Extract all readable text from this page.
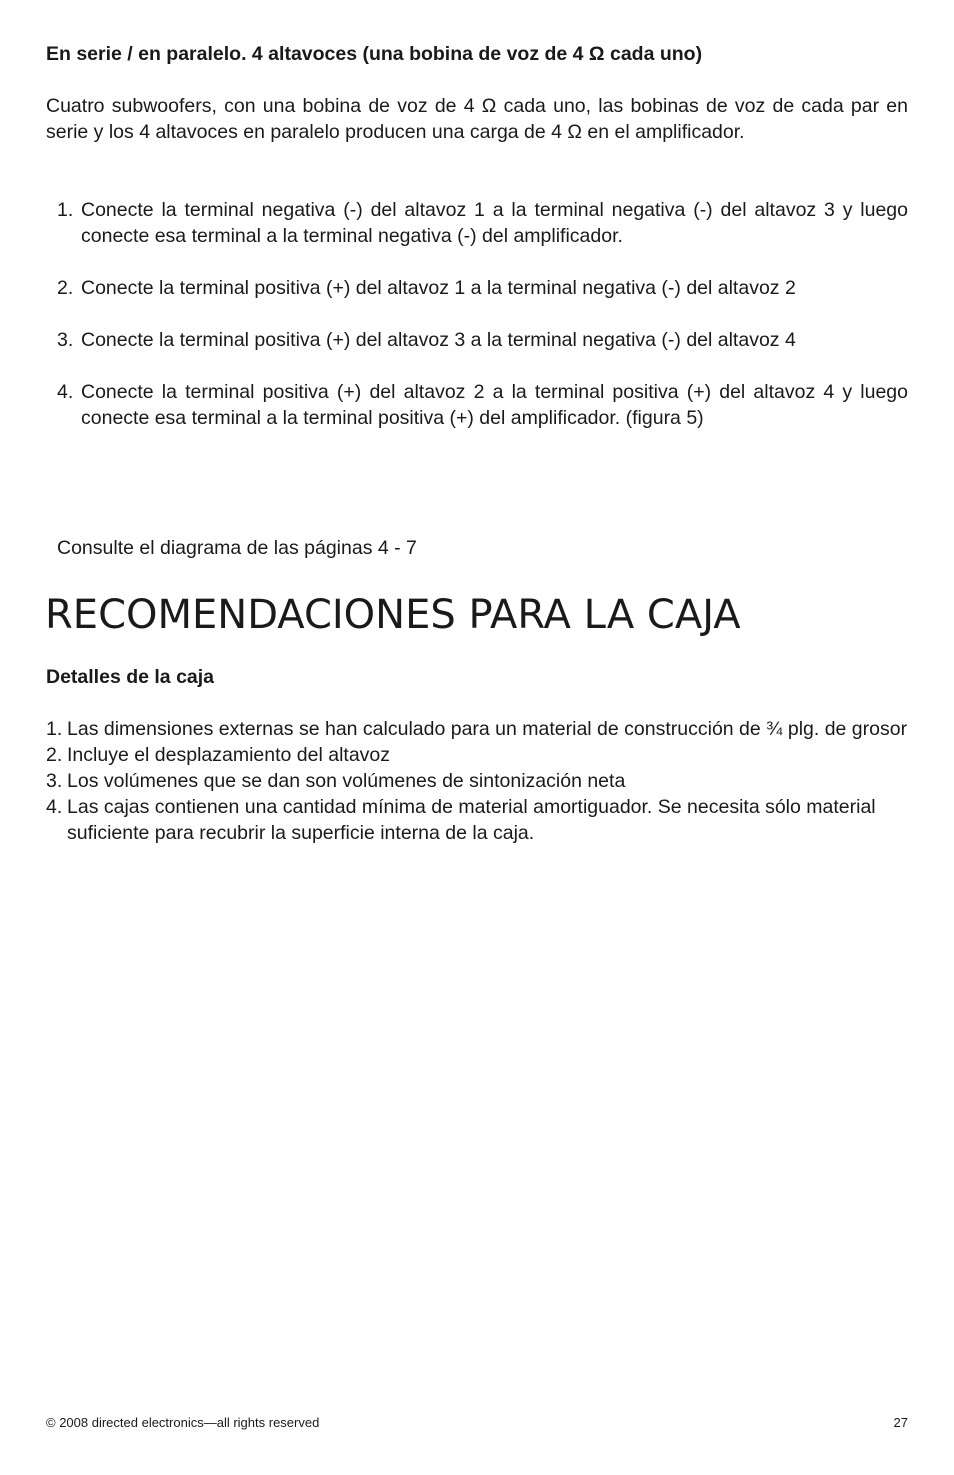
En serie / en paralelo. 4 altavoces (una bobina de voz de 4 Ω cada uno)
Cuatro subwoofers, con una bobina de voz de 4 Ω cada uno, las bobinas de voz de cada par en serie y los 4 altavoces en paralelo producen una carga de 4 Ω en el amplificador.
1. Conecte la terminal negativa (-) del altavoz 1 a la terminal negativa (-) del altavoz 3 y luego conecte esa terminal a la terminal negativa (-) del amplificador.
2. Conecte la terminal positiva (+) del altavoz 1 a la terminal negativa (-) del altavoz 2
3. Conecte la terminal positiva (+) del altavoz 3 a la terminal negativa (-) del altavoz 4
4. Conecte la terminal positiva (+) del altavoz 2 a la terminal positiva (+) del altavoz 4 y luego conecte esa terminal a la terminal positiva (+) del amplificador. (figura 5)
Consulte el diagrama de las páginas 4 - 7
RECOMENDACIONES PARA LA CAJA
Detalles de la caja
1. Las dimensiones externas se han calculado para un material de construcción de ¾ plg. de grosor
2. Incluye el desplazamiento del altavoz
3. Los volúmenes que se dan son volúmenes de sintonización neta
4. Las cajas contienen una cantidad mínima de material amortiguador. Se necesita sólo material suficiente para recubrir la superficie interna de la caja.
© 2008 directed electronics—all rights reserved	27
